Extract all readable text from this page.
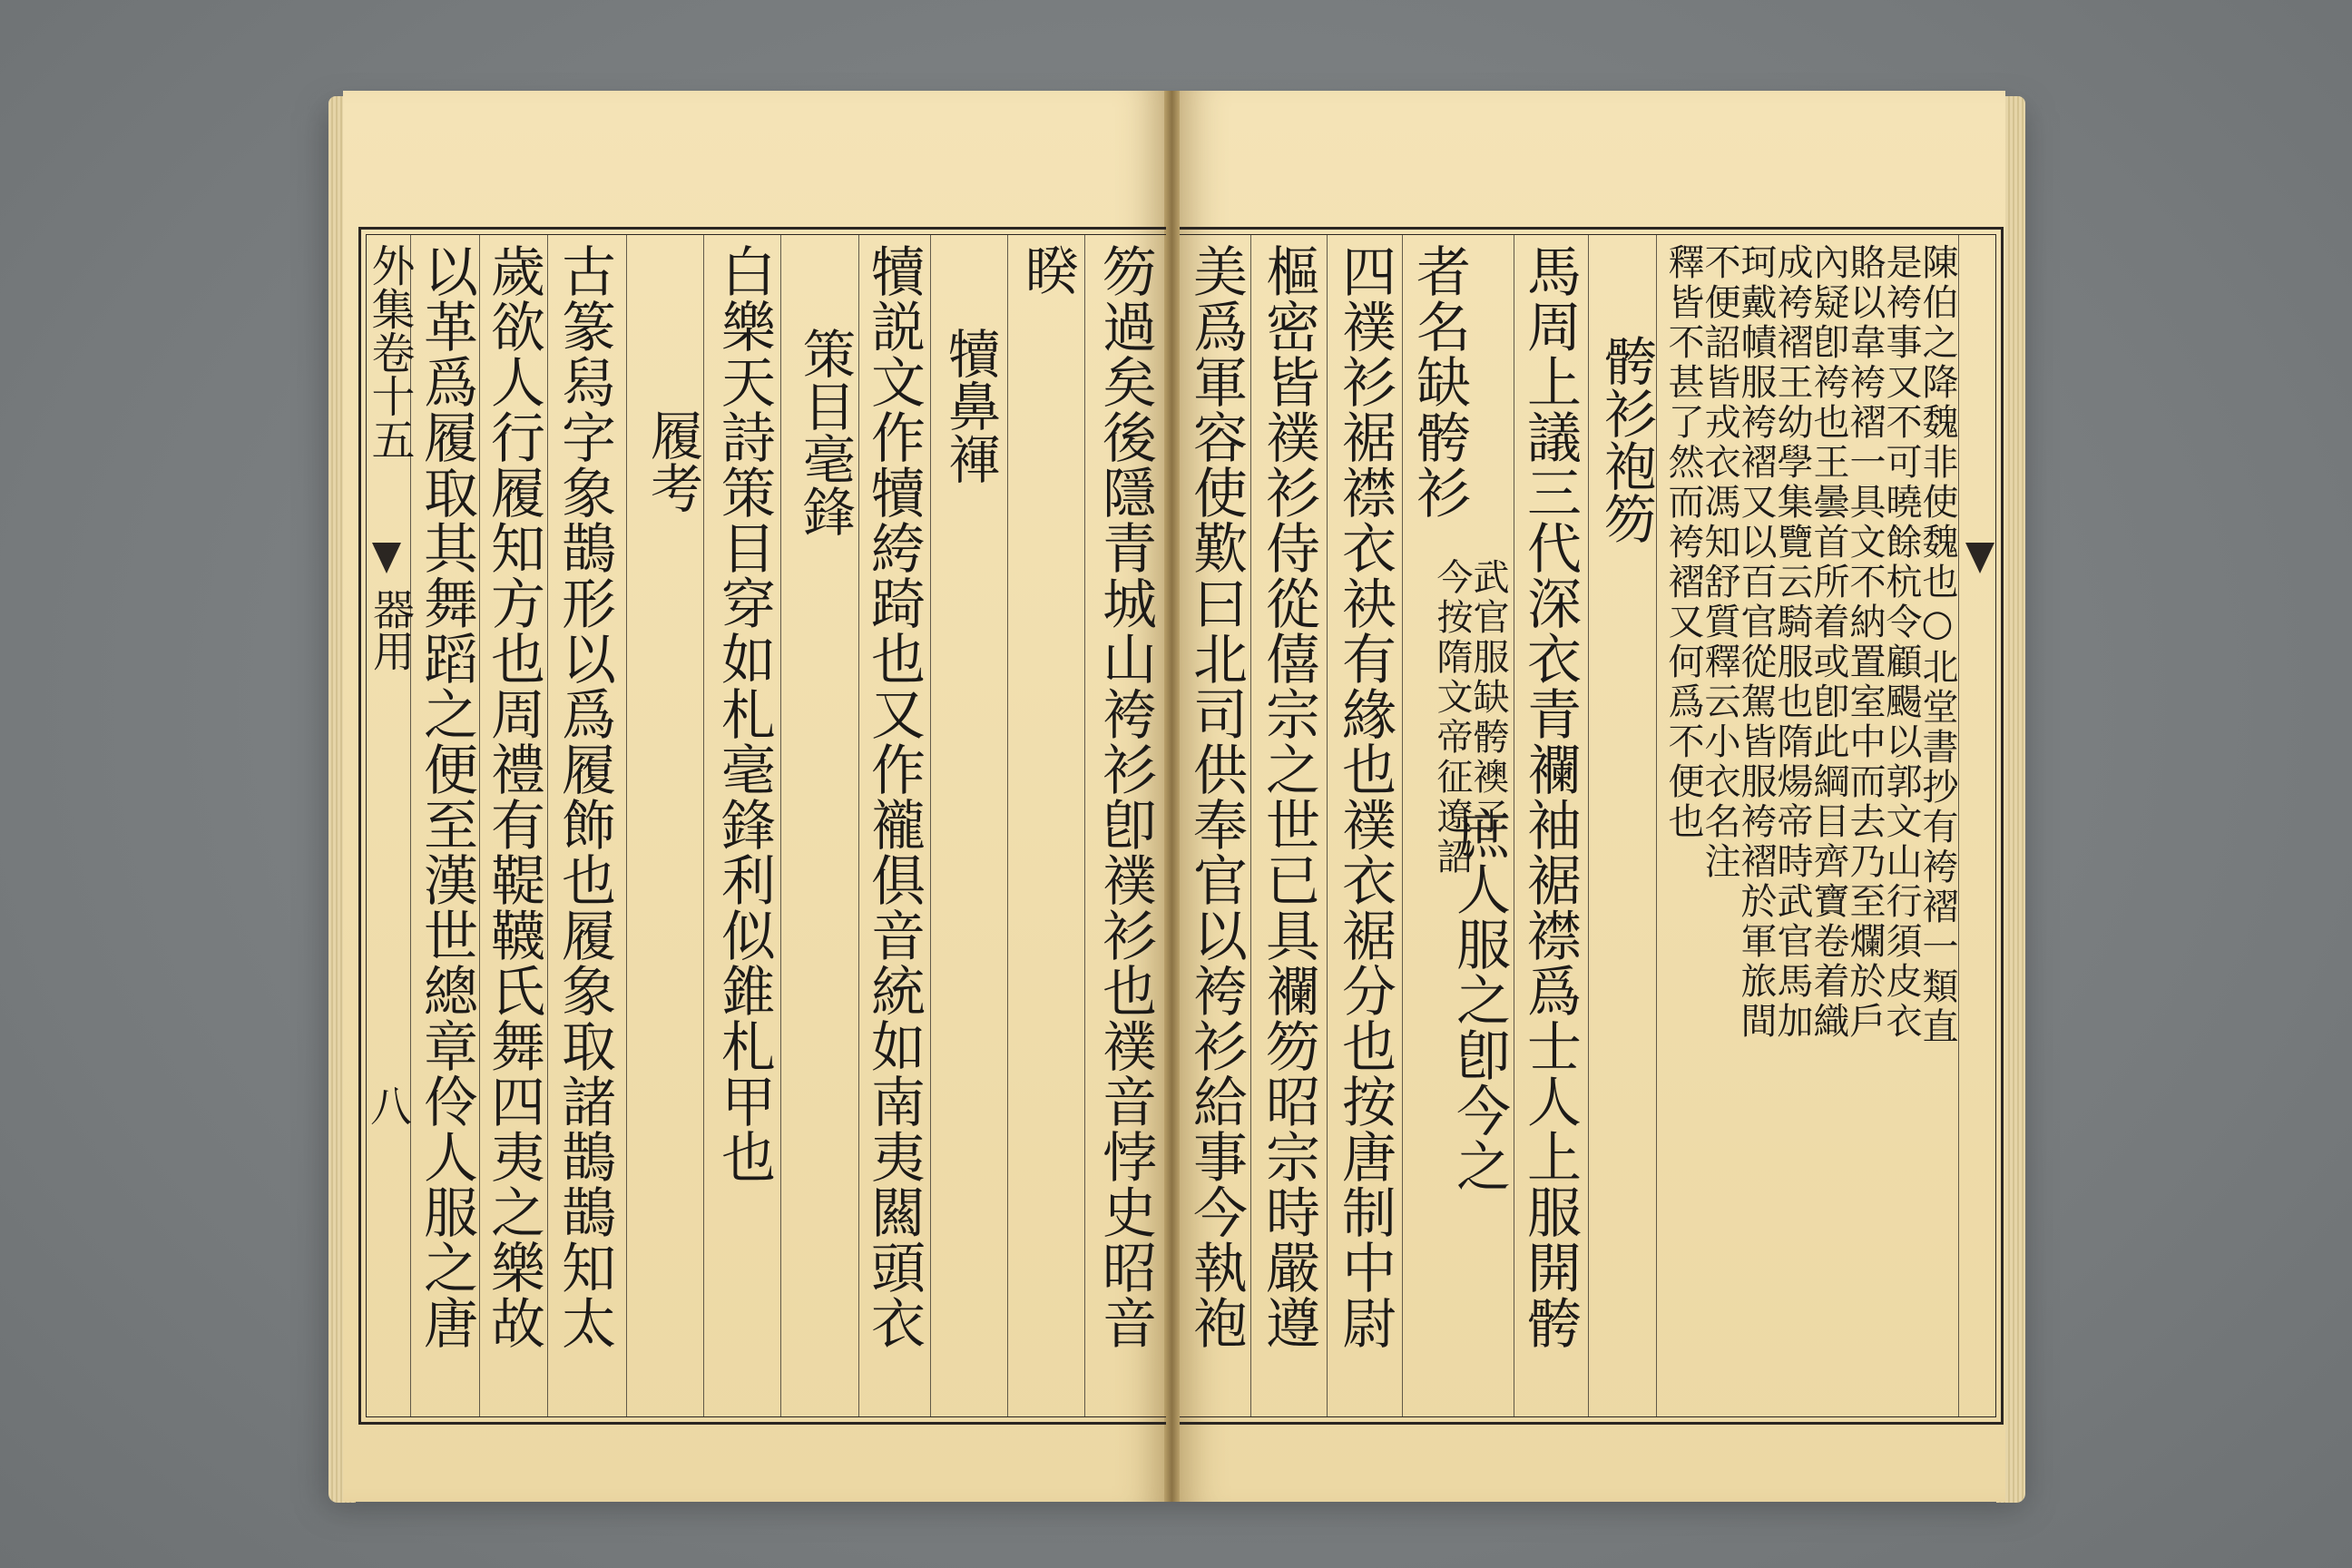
外集卷十五
器用
八 以革爲履取其舞蹈之便至漢世總章伶人服之唐 歲欲人行履知方也周禮有鞮韈氏舞四夷之樂故 古篆舄字象鵲形以爲履飾也履象取諸鵲鵲知太 履考 白樂天詩策目穿如札毫鋒利似錐札甲也 策目毫鋒 犢説文作犢絝踦也又作襱俱音統如南夷闗頭衣 犢鼻褌
睽 笏過矣後隱青城山袴衫卽襆衫也襆音悖史昭音 美爲軍容使歎曰北司供奉官以袴衫給事今執袍 樞密皆襆衫侍從僖宗之世已具襴笏昭宗時嚴遵 四襆衫裾襟衣袂有緣也襆衣裾分也按唐制中尉 者名缺骻衫
武官服缺骻襖子
今按隋文帝征遼詔
庶人服之卽今之 馬周上議三代深衣青襴袖裾襟爲士人上服開骻 骻衫袍笏 釋皆不甚了然而袴褶又何爲不便也
不便詔皆戎衣馮知舒質釋云小衣名注
珂戴幘服袴褶又以百官從駕皆服袴褶於軍旅間
成袴褶王幼學集覽云騎服也隋煬帝時武官馬加
內疑卽袴也王曇首所着或卽此綱目齊寶卷着織
賂以韋袴褶一具文不納置室中而去乃至爛於戶
是袴事又不可曉餘杭令顧颺以郭文山行須皮衣
陳伯之降魏非使魏也○北堂書抄有袴褶一類直
